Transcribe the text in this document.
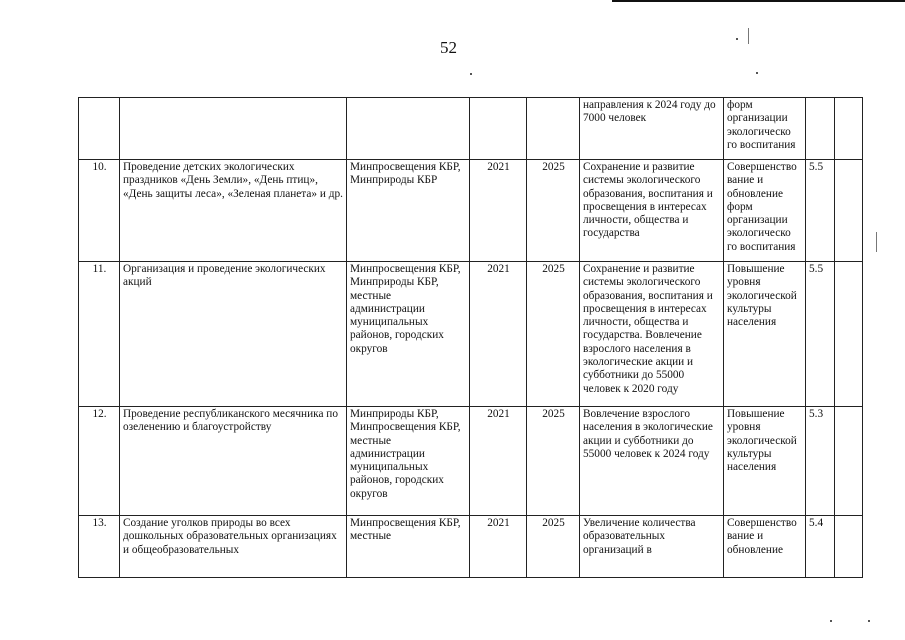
52
					направления к 2024 году до 7000 человек	форм организации экологическо го воспитания		
10.	Проведение детских экологических праздников «День Земли», «День птиц», «День защиты леса», «Зеленая планета» и др.	Минпросвещения КБР, Минприроды КБР	2021	2025	Сохранение и развитие системы экологического образования, воспитания и просвещения в интересах личности, общества и государства	Совершенство вание и обновление форм организации экологическо го воспитания	5.5	
11.	Организация и проведение экологических акций	Минпросвещения КБР, Минприроды КБР, местные администрации муниципальных районов, городских округов	2021	2025	Сохранение и развитие системы экологического образования, воспитания и просвещения в интересах личности, общества и государства. Вовлечение взрослого населения в экологические акции и субботники до 55000 человек к 2020 году	Повышение уровня экологической культуры населения	5.5	
12.	Проведение республиканского месячника по озеленению и благоустройству	Минприроды КБР, Минпросвещения КБР, местные администрации муниципальных районов, городских округов	2021	2025	Вовлечение взрослого населения в экологические акции и субботники до 55000 человек к 2024 году	Повышение уровня экологической культуры населения	5.3	
13.	Создание уголков природы во всех дошкольных образовательных организациях и общеобразовательных	Минпросвещения КБР, местные	2021	2025	Увеличение количества образовательных организаций в	Совершенство вание и обновление	5.4	
